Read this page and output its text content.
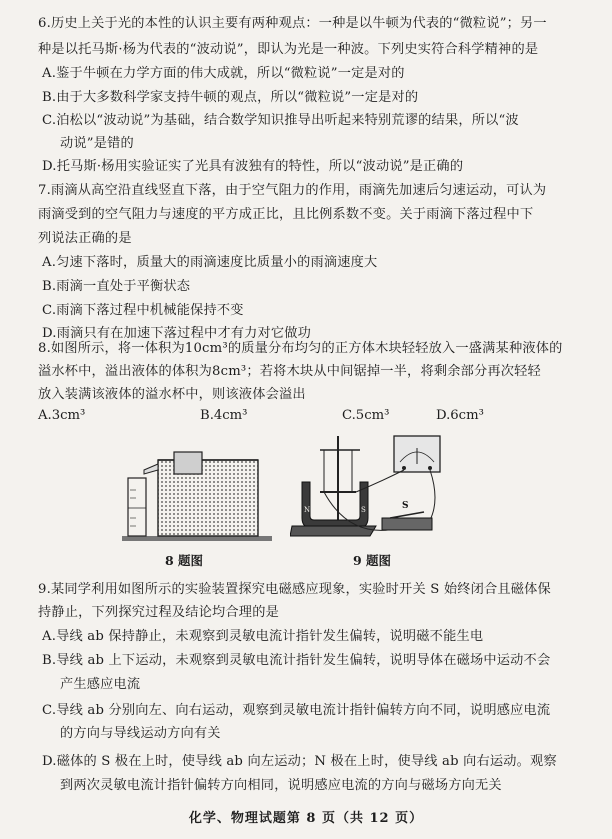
6.历史上关于光的本性的认识主要有两种观点：一种是以牛顿为代表的“微粒说”；另一
种是以托马斯·杨为代表的“波动说”，即认为光是一种波。下列史实符合科学精神的是
A.鉴于牛顿在力学方面的伟大成就，所以“微粒说”一定是对的
B.由于大多数科学家支持牛顿的观点，所以“微粒说”一定是对的
C.泊松以“波动说”为基础，结合数学知识推导出听起来特别荒谬的结果，所以“波
动说”是错的
D.托马斯·杨用实验证实了光具有波独有的特性，所以“波动说”是正确的
7.雨滴从高空沿直线竖直下落，由于空气阻力的作用，雨滴先加速后匀速运动，可认为
雨滴受到的空气阻力与速度的平方成正比，且比例系数不变。关于雨滴下落过程中下
列说法正确的是
A.匀速下落时，质量大的雨滴速度比质量小的雨滴速度大
B.雨滴一直处于平衡状态
C.雨滴下落过程中机械能保持不变
D.雨滴只有在加速下落过程中才有力对它做功
8.如图所示，将一体积为10cm³的质量分布均匀的正方体木块轻轻放入一盛满某种液体的
溢水杯中，溢出液体的体积为8cm³；若将木块从中间锯掉一半，将剩余部分再次轻轻
放入装满该液体的溢水杯中，则该液体会溢出
A.3cm³	B.4cm³	C.5cm³	D.6cm³
8 题图
N	S	S
9 题图
9.某同学利用如图所示的实验装置探究电磁感应现象，实验时开关 S 始终闭合且磁体保
持静止，下列探究过程及结论均合理的是
A.导线 ab 保持静止，未观察到灵敏电流计指针发生偏转，说明磁不能生电
B.导线 ab 上下运动，未观察到灵敏电流计指针发生偏转，说明导体在磁场中运动不会
产生感应电流
C.导线 ab 分别向左、向右运动，观察到灵敏电流计指针偏转方向不同，说明感应电流
的方向与导线运动方向有关
D.磁体的 S 极在上时，使导线 ab 向左运动；N 极在上时，使导线 ab 向右运动。观察
到两次灵敏电流计指针偏转方向相同，说明感应电流的方向与磁场方向无关
化学、物理试题第 8 页（共 12 页）
